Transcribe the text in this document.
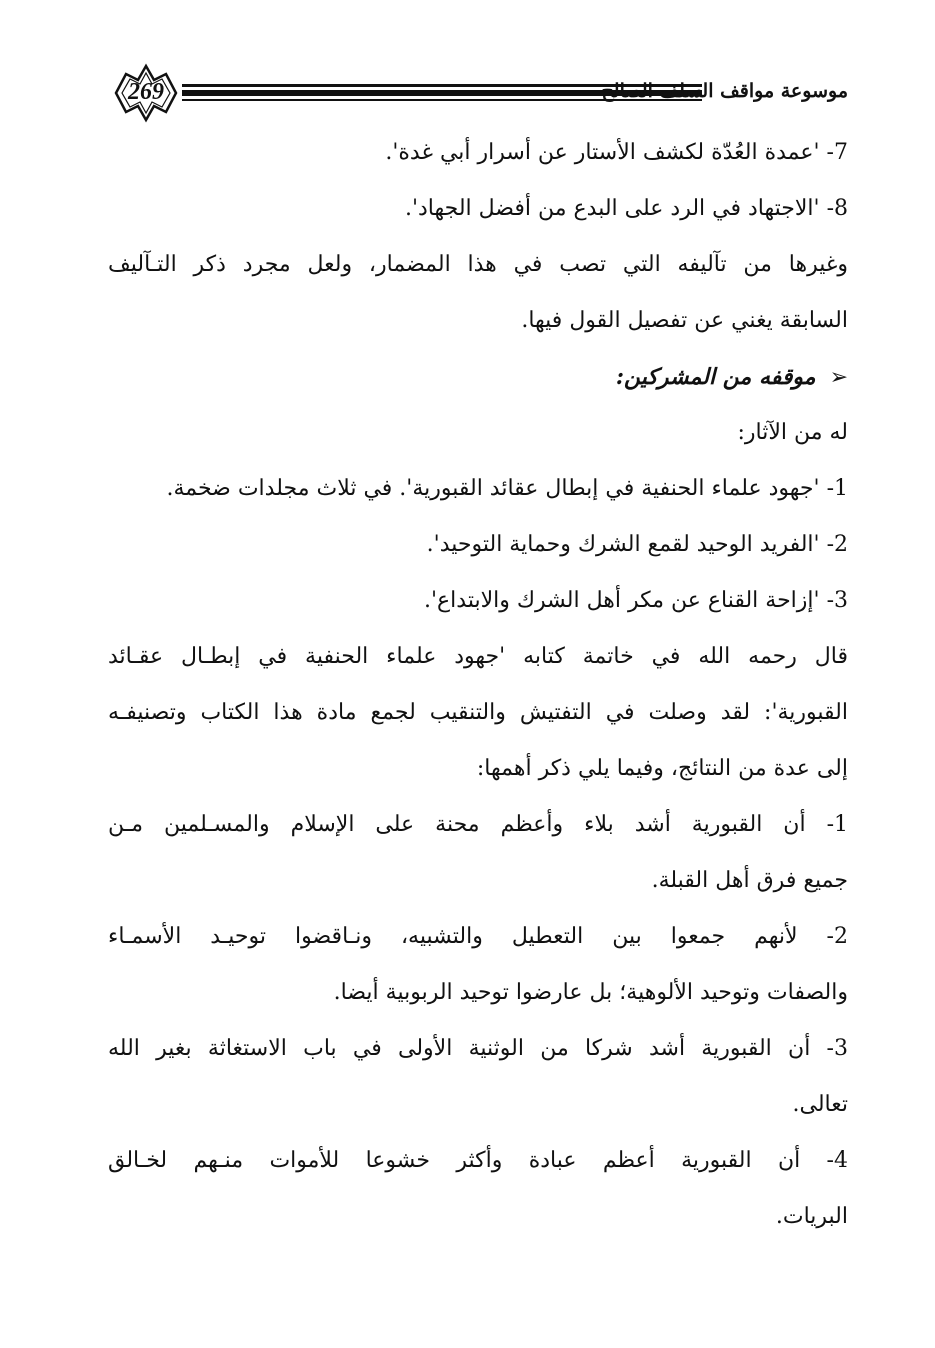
269	موسوعة مواقف السلف الصالح
7- 'عمدة العُدّة لكشف الأستار عن أسرار أبي غدة'.
8- 'الاجتهاد في الرد على البدع من أفضل الجهاد'.
وغيرها من تآليفه التي تصب في هذا المضمار، ولعل مجرد ذكر التـآليف
السابقة يغني عن تفصيل القول فيها.
➢موقفه من المشركين:
له من الآثار:
1- 'جهود علماء الحنفية في إبطال عقائد القبورية'. في ثلاث مجلدات ضخمة.
2- 'الفريد الوحيد لقمع الشرك وحماية التوحيد'.
3- 'إزاحة القناع عن مكر أهل الشرك والابتداع'.
قال رحمه الله في خاتمة كتابه 'جهود علماء الحنفية في إبطـال عقـائد
القبورية': لقد وصلت في التفتيش والتنقيب لجمع مادة هذا الكتاب وتصنيفـه
إلى عدة من النتائج، وفيما يلي ذكر أهمها:
1- أن القبورية أشد بلاء وأعظم محنة على الإسلام والمسـلمين مـن
جميع فرق أهل القبلة.
2- لأنهم جمعوا بين التعطيل والتشبيه، ونـاقضوا توحيـد الأسمـاء
والصفات وتوحيد الألوهية؛ بل عارضوا توحيد الربوبية أيضا.
3- أن القبورية أشد شركا من الوثنية الأولى في باب الاستغاثة بغير الله
تعالى.
4- أن القبورية أعظم عبادة وأكثر خشوعا للأموات منـهم لخـالق
البريات.
